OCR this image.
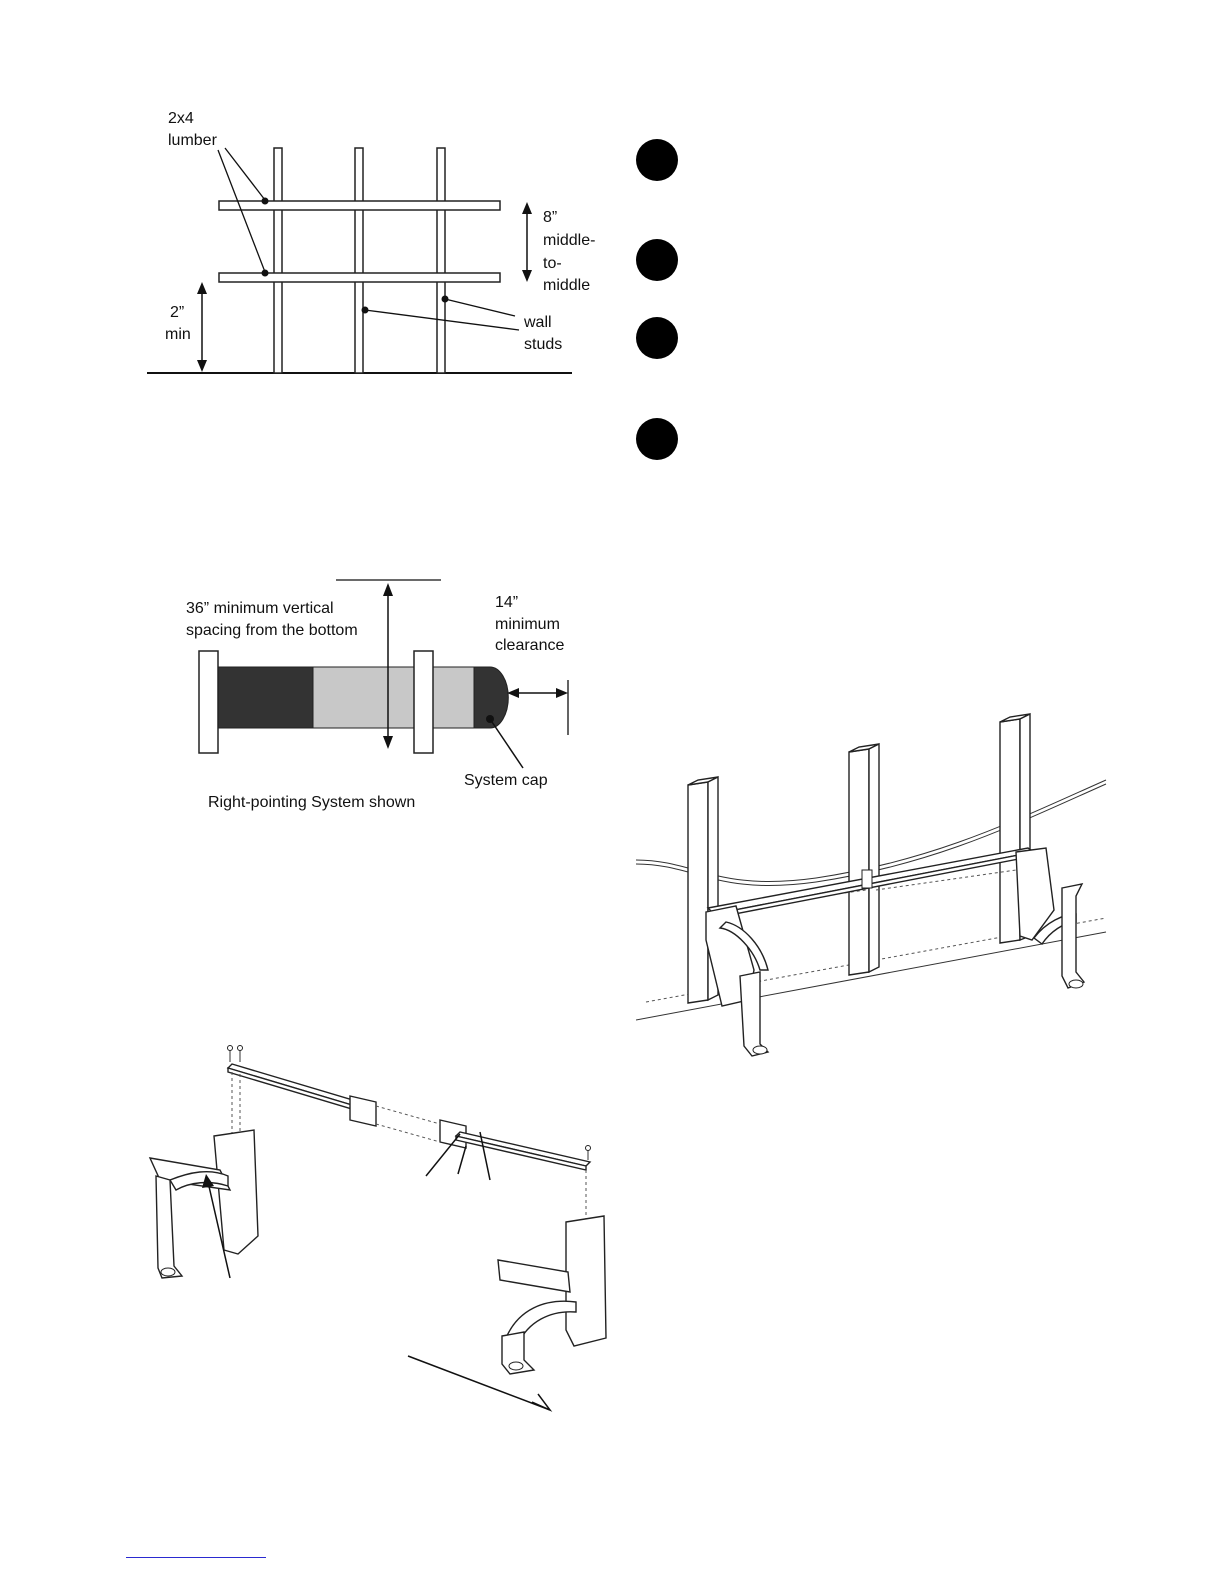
2x4
lumber
8”
middle-
to-
middle
2”
min
wall
studs
36” minimum vertical
spacing from the bottom
14”
minimum
clearance
System cap
Right-pointing System shown
